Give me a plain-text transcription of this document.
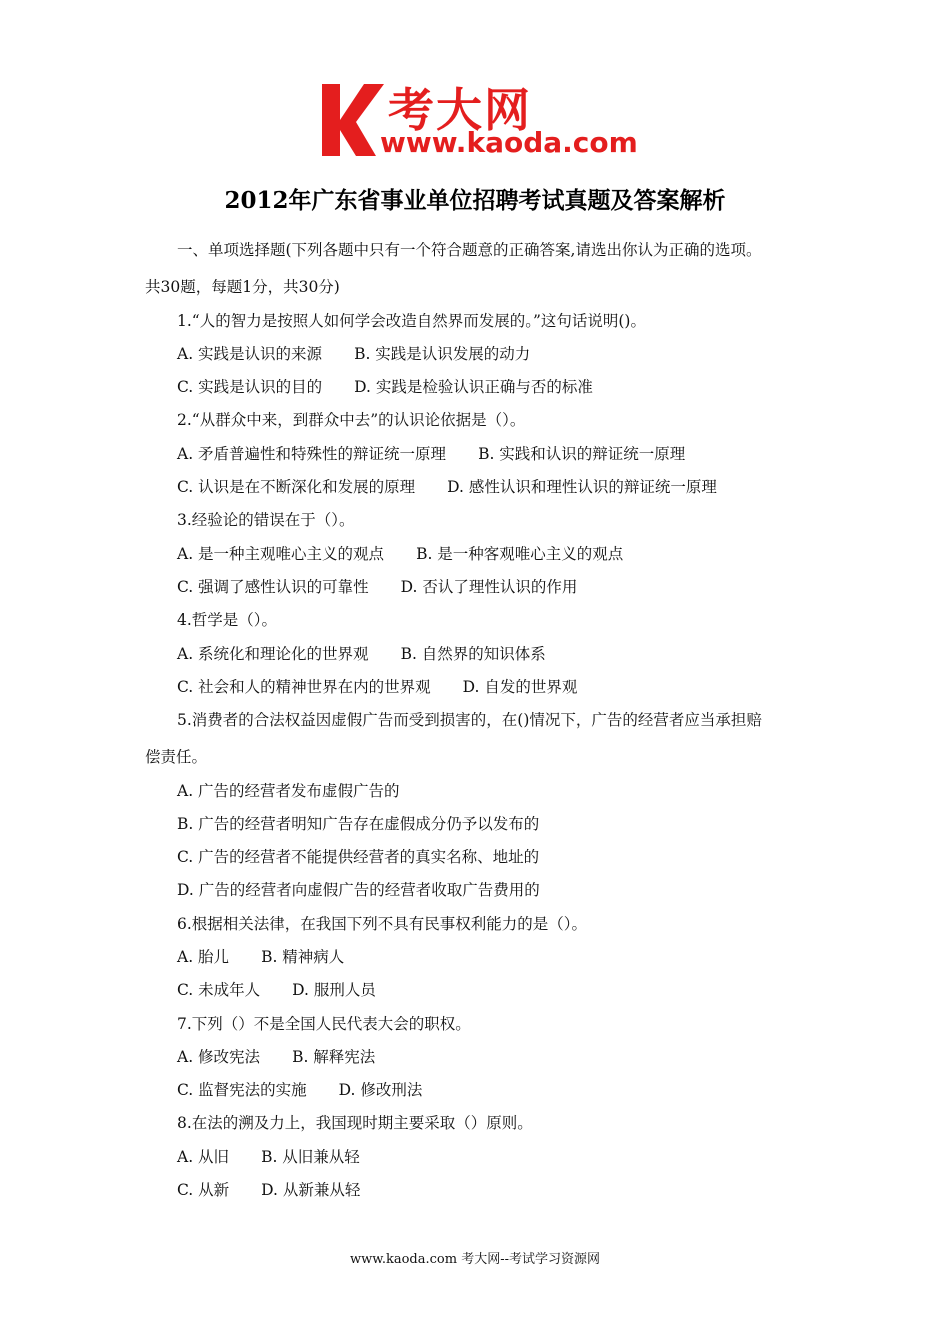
考大网
www.kaoda.com
2012年广东省事业单位招聘考试真题及答案解析
一、单项选择题(下列各题中只有一个符合题意的正确答案,请选出你认为正确的选项。
共30题，每题1分，共30分)
1.“人的智力是按照人如何学会改造自然界而发展的。”这句话说明()。
A. 实践是认识的来源 B. 实践是认识发展的动力
C. 实践是认识的目的 D. 实践是检验认识正确与否的标准
2.“从群众中来，到群众中去”的认识论依据是（）。
A. 矛盾普遍性和特殊性的辩证统一原理 B. 实践和认识的辩证统一原理
C. 认识是在不断深化和发展的原理 D. 感性认识和理性认识的辩证统一原理
3.经验论的错误在于（）。
A. 是一种主观唯心主义的观点 B. 是一种客观唯心主义的观点
C. 强调了感性认识的可靠性 D. 否认了理性认识的作用
4.哲学是（）。
A. 系统化和理论化的世界观 B. 自然界的知识体系
C. 社会和人的精神世界在内的世界观 D. 自发的世界观
5.消费者的合法权益因虚假广告而受到损害的，在()情况下，广告的经营者应当承担赔
偿责任。
A. 广告的经营者发布虚假广告的
B. 广告的经营者明知广告存在虚假成分仍予以发布的
C. 广告的经营者不能提供经营者的真实名称、地址的
D. 广告的经营者向虚假广告的经营者收取广告费用的
6.根据相关法律，在我国下列不具有民事权利能力的是（）。
A. 胎儿 B. 精神病人
C. 未成年人 D. 服刑人员
7.下列（）不是全国人民代表大会的职权。
A. 修改宪法 B. 解释宪法
C. 监督宪法的实施 D. 修改刑法
8.在法的溯及力上，我国现时期主要采取（）原则。
A. 从旧 B. 从旧兼从轻
C. 从新 D. 从新兼从轻
www.kaoda.com 考大网--考试学习资源网
